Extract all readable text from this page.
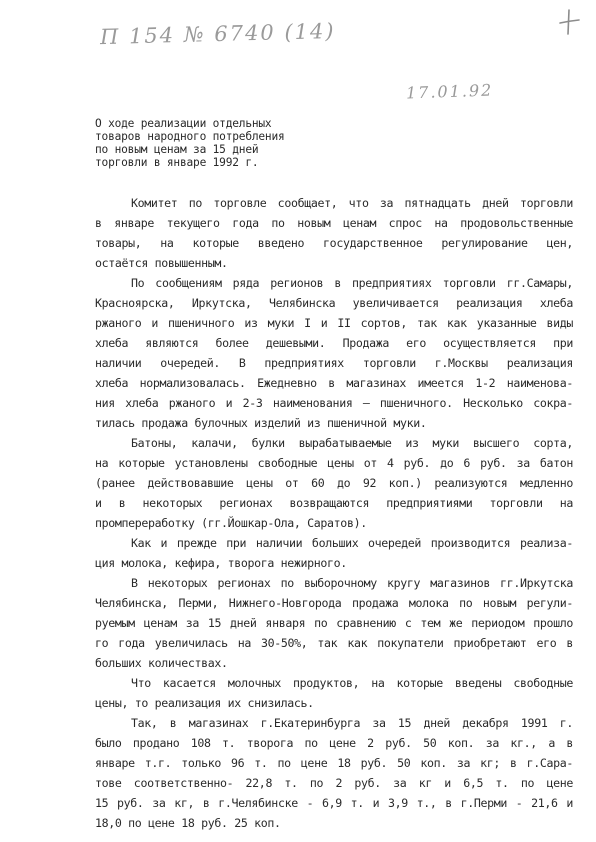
П 154 № 6740 (14)
17.01.92
О ходе реализации отдельных
товаров народного потребления
по новым ценам за 15 дней
торговли в январе 1992 г.
Комитет по торговле сообщает, что за пятнадцать дней торговли
в январе текущего года по новым ценам спрос на продовольственные
товары, на которые введено государственное регулирование цен,
остаётся повышенным.
По сообщениям ряда регионов в предприятиях торговли гг.Самары,
Красноярска, Иркутска, Челябинска увеличивается реализация хлеба
ржаного и пшеничного из муки I и II сортов, так как указанные виды
хлеба являются более дешевыми. Продажа его осуществляется при
наличии очередей. В предприятиях торговли г.Москвы реализация
хлеба нормализовалась. Ежедневно в магазинах имеется 1-2 наименова-
ния хлеба ржаного и 2-3 наименования – пшеничного. Несколько сокра-
тилась продажа булочных изделий из пшеничной муки.
Батоны, калачи, булки вырабатываемые из муки высшего сорта,
на которые установлены свободные цены от 4 руб. до 6 руб. за батон
(ранее действовавшие цены от 60 до 92 коп.) реализуются медленно
и в некоторых регионах возвращаются предприятиями торговли на
промпереработку (гг.Йошкар-Ола, Саратов).
Как и прежде при наличии больших очередей производится реализа-
ция молока, кефира, творога нежирного.
В некоторых регионах по выборочному кругу магазинов гг.Иркутска
Челябинска, Перми, Нижнего-Новгорода продажа молока по новым регули-
руемым ценам за 15 дней января по сравнению с тем же периодом прошло
го года увеличилась на 30-50%, так как покупатели приобретают его в
больших количествах.
Что касается молочных продуктов, на которые введены свободные
цены, то реализация их снизилась.
Так, в магазинах г.Екатеринбурга за 15 дней декабря 1991 г.
было продано 108 т. творога по цене 2 руб. 50 коп. за кг., а в
январе т.г. только 96 т. по цене 18 руб. 50 коп. за кг; в г.Сара-
тове соответственно- 22,8 т. по 2 руб. за кг и 6,5 т. по цене
15 руб. за кг, в г.Челябинске - 6,9 т. и 3,9 т., в г.Перми - 21,6 и
18,0 по цене 18 руб. 25 коп.
